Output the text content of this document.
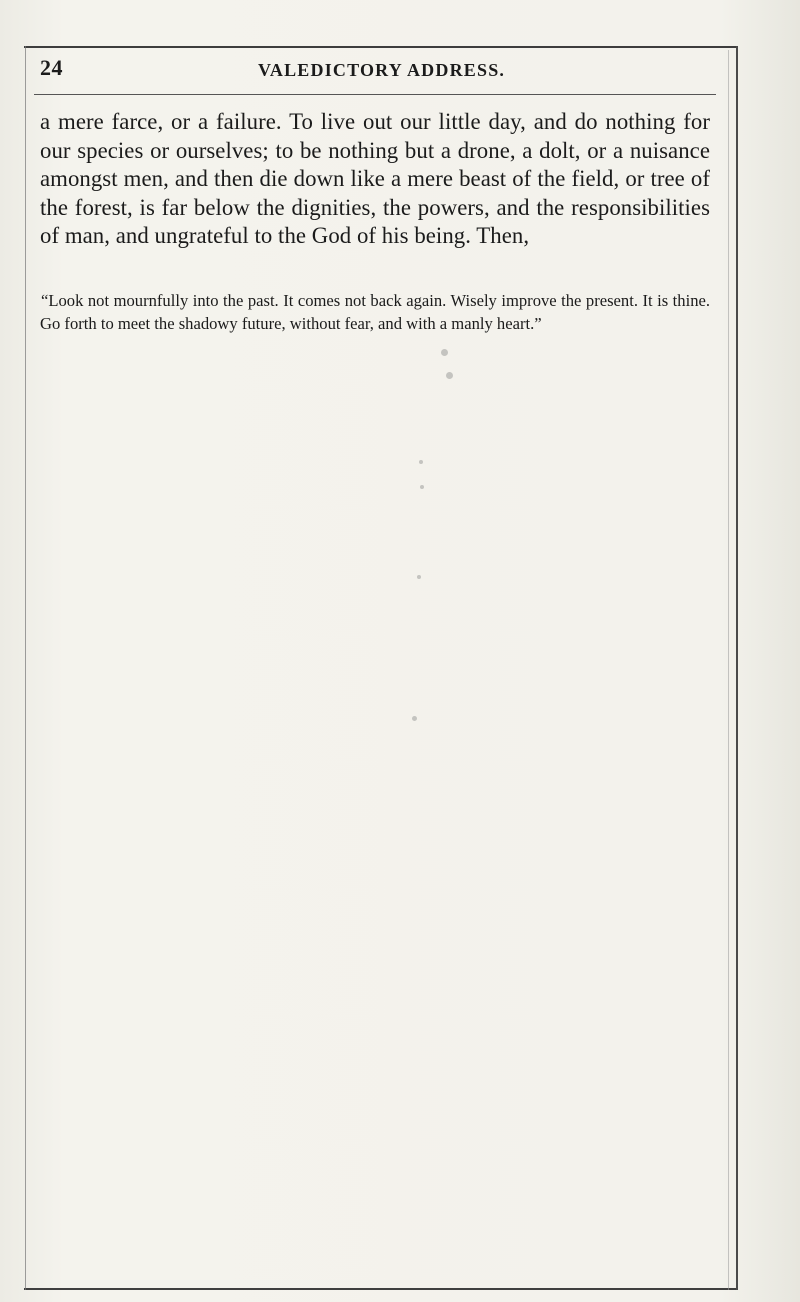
24	VALEDICTORY ADDRESS.
a mere farce, or a failure. To live out our little day, and do nothing for our species or ourselves; to be nothing but a drone, a dolt, or a nuisance amongst men, and then die down like a mere beast of the field, or tree of the forest, is far below the dignities, the powers, and the responsibilities of man, and ungrateful to the God of his being. Then,
“Look not mournfully into the past. It comes not back again. Wisely improve the present. It is thine. Go forth to meet the shadowy future, without fear, and with a manly heart.”
